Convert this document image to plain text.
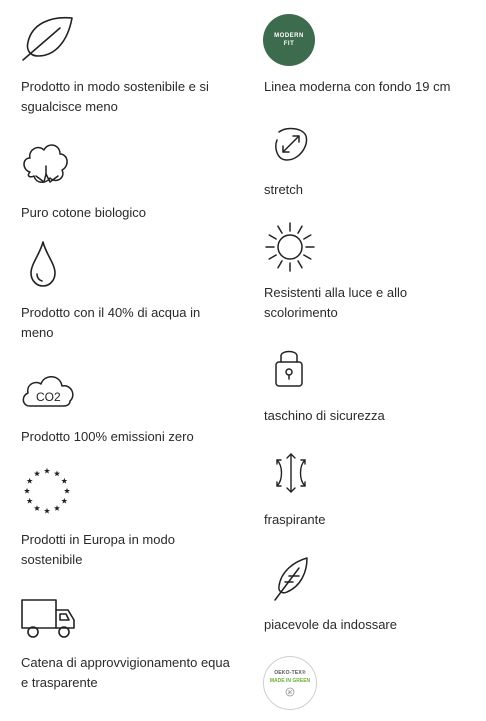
Prodotto in modo sostenibile e si sgualcisce meno
Puro cotone biologico
Prodotto con il 40% di acqua in meno
CO2
Prodotto 100% emissioni zero
Prodotti in Europa in modo sostenibile
Catena di approvvigionamento equa e trasparente
MODERN
FIT
Linea moderna con fondo 19 cm
stretch
Resistenti alla luce e allo scolorimento
taschino di sicurezza
fraspirante
piacevole da indossare
OEKO-TEX®
MADE IN GREEN
